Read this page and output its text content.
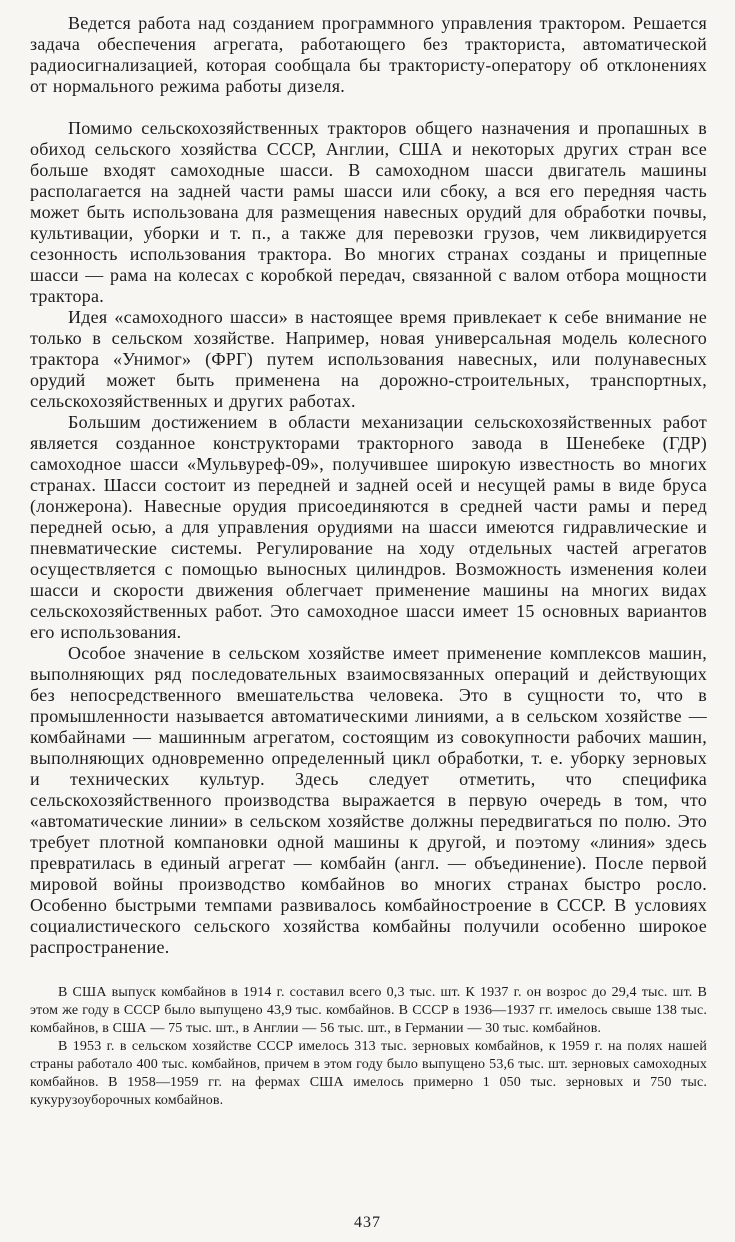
Ведется работа над созданием программного управления трактором. Решается задача обеспечения агрегата, работающего без тракториста, автоматической радиосигнализацией, которая сообщала бы трактористу-оператору об отклонениях от нормального режима работы дизеля.

Помимо сельскохозяйственных тракторов общего назначения и пропашных в обиход сельского хозяйства СССР, Англии, США и некоторых других стран все больше входят самоходные шасси. В самоходном шасси двигатель машины располагается на задней части рамы шасси или сбоку, а вся его передняя часть может быть использована для размещения навесных орудий для обработки почвы, культивации, уборки и т. п., а также для перевозки грузов, чем ликвидируется сезонность использования трактора. Во многих странах созданы и прицепные шасси — рама на колесах с коробкой передач, связанной с валом отбора мощности трактора.

Идея «самоходного шасси» в настоящее время привлекает к себе внимание не только в сельском хозяйстве. Например, новая универсальная модель колесного трактора «Унимог» (ФРГ) путем использования навесных, или полунавесных орудий может быть применена на дорожно-строительных, транспортных, сельскохозяйственных и других работах.

Большим достижением в области механизации сельскохозяйственных работ является созданное конструкторами тракторного завода в Шенебеке (ГДР) самоходное шасси «Мульвуреф-09», получившее широкую известность во многих странах. Шасси состоит из передней и задней осей и несущей рамы в виде бруса (лонжерона). Навесные орудия присоединяются в средней части рамы и перед передней осью, а для управления орудиями на шасси имеются гидравлические и пневматические системы. Регулирование на ходу отдельных частей агрегатов осуществляется с помощью выносных цилиндров. Возможность изменения колеи шасси и скорости движения облегчает применение машины на многих видах сельскохозяйственных работ. Это самоходное шасси имеет 15 основных вариантов его использования.

Особое значение в сельском хозяйстве имеет применение комплексов машин, выполняющих ряд последовательных взаимосвязанных операций и действующих без непосредственного вмешательства человека. Это в сущности то, что в промышленности называется автоматическими линиями, а в сельском хозяйстве — комбайнами — машинным агрегатом, состоящим из совокупности рабочих машин, выполняющих одновременно определенный цикл обработки, т. е. уборку зерновых и технических культур. Здесь следует отметить, что специфика сельскохозяйственного производства выражается в первую очередь в том, что «автоматические линии» в сельском хозяйстве должны передвигаться по полю. Это требует плотной компановки одной машины к другой, и поэтому «линия» здесь превратилась в единый агрегат — комбайн (англ. — объединение). После первой мировой войны производство комбайнов во многих странах быстро росло. Особенно быстрыми темпами развивалось комбайностроение в СССР. В условиях социалистического сельского хозяйства комбайны получили особенно широкое распространение.

В США выпуск комбайнов в 1914 г. составил всего 0,3 тыс. шт. К 1937 г. он возрос до 29,4 тыс. шт. В этом же году в СССР было выпущено 43,9 тыс. комбайнов. В СССР в 1936—1937 гг. имелось свыше 138 тыс. комбайнов, в США — 75 тыс. шт., в Англии — 56 тыс. шт., в Германии — 30 тыс. комбайнов.

В 1953 г. в сельском хозяйстве СССР имелось 313 тыс. зерновых комбайнов, к 1959 г. на полях нашей страны работало 400 тыс. комбайнов, причем в этом году было выпущено 53,6 тыс. шт. зерновых самоходных комбайнов. В 1958—1959 гг. на фермах США имелось примерно 1 050 тыс. зерновых и 750 тыс. кукурузоуборочных комбайнов.

437
